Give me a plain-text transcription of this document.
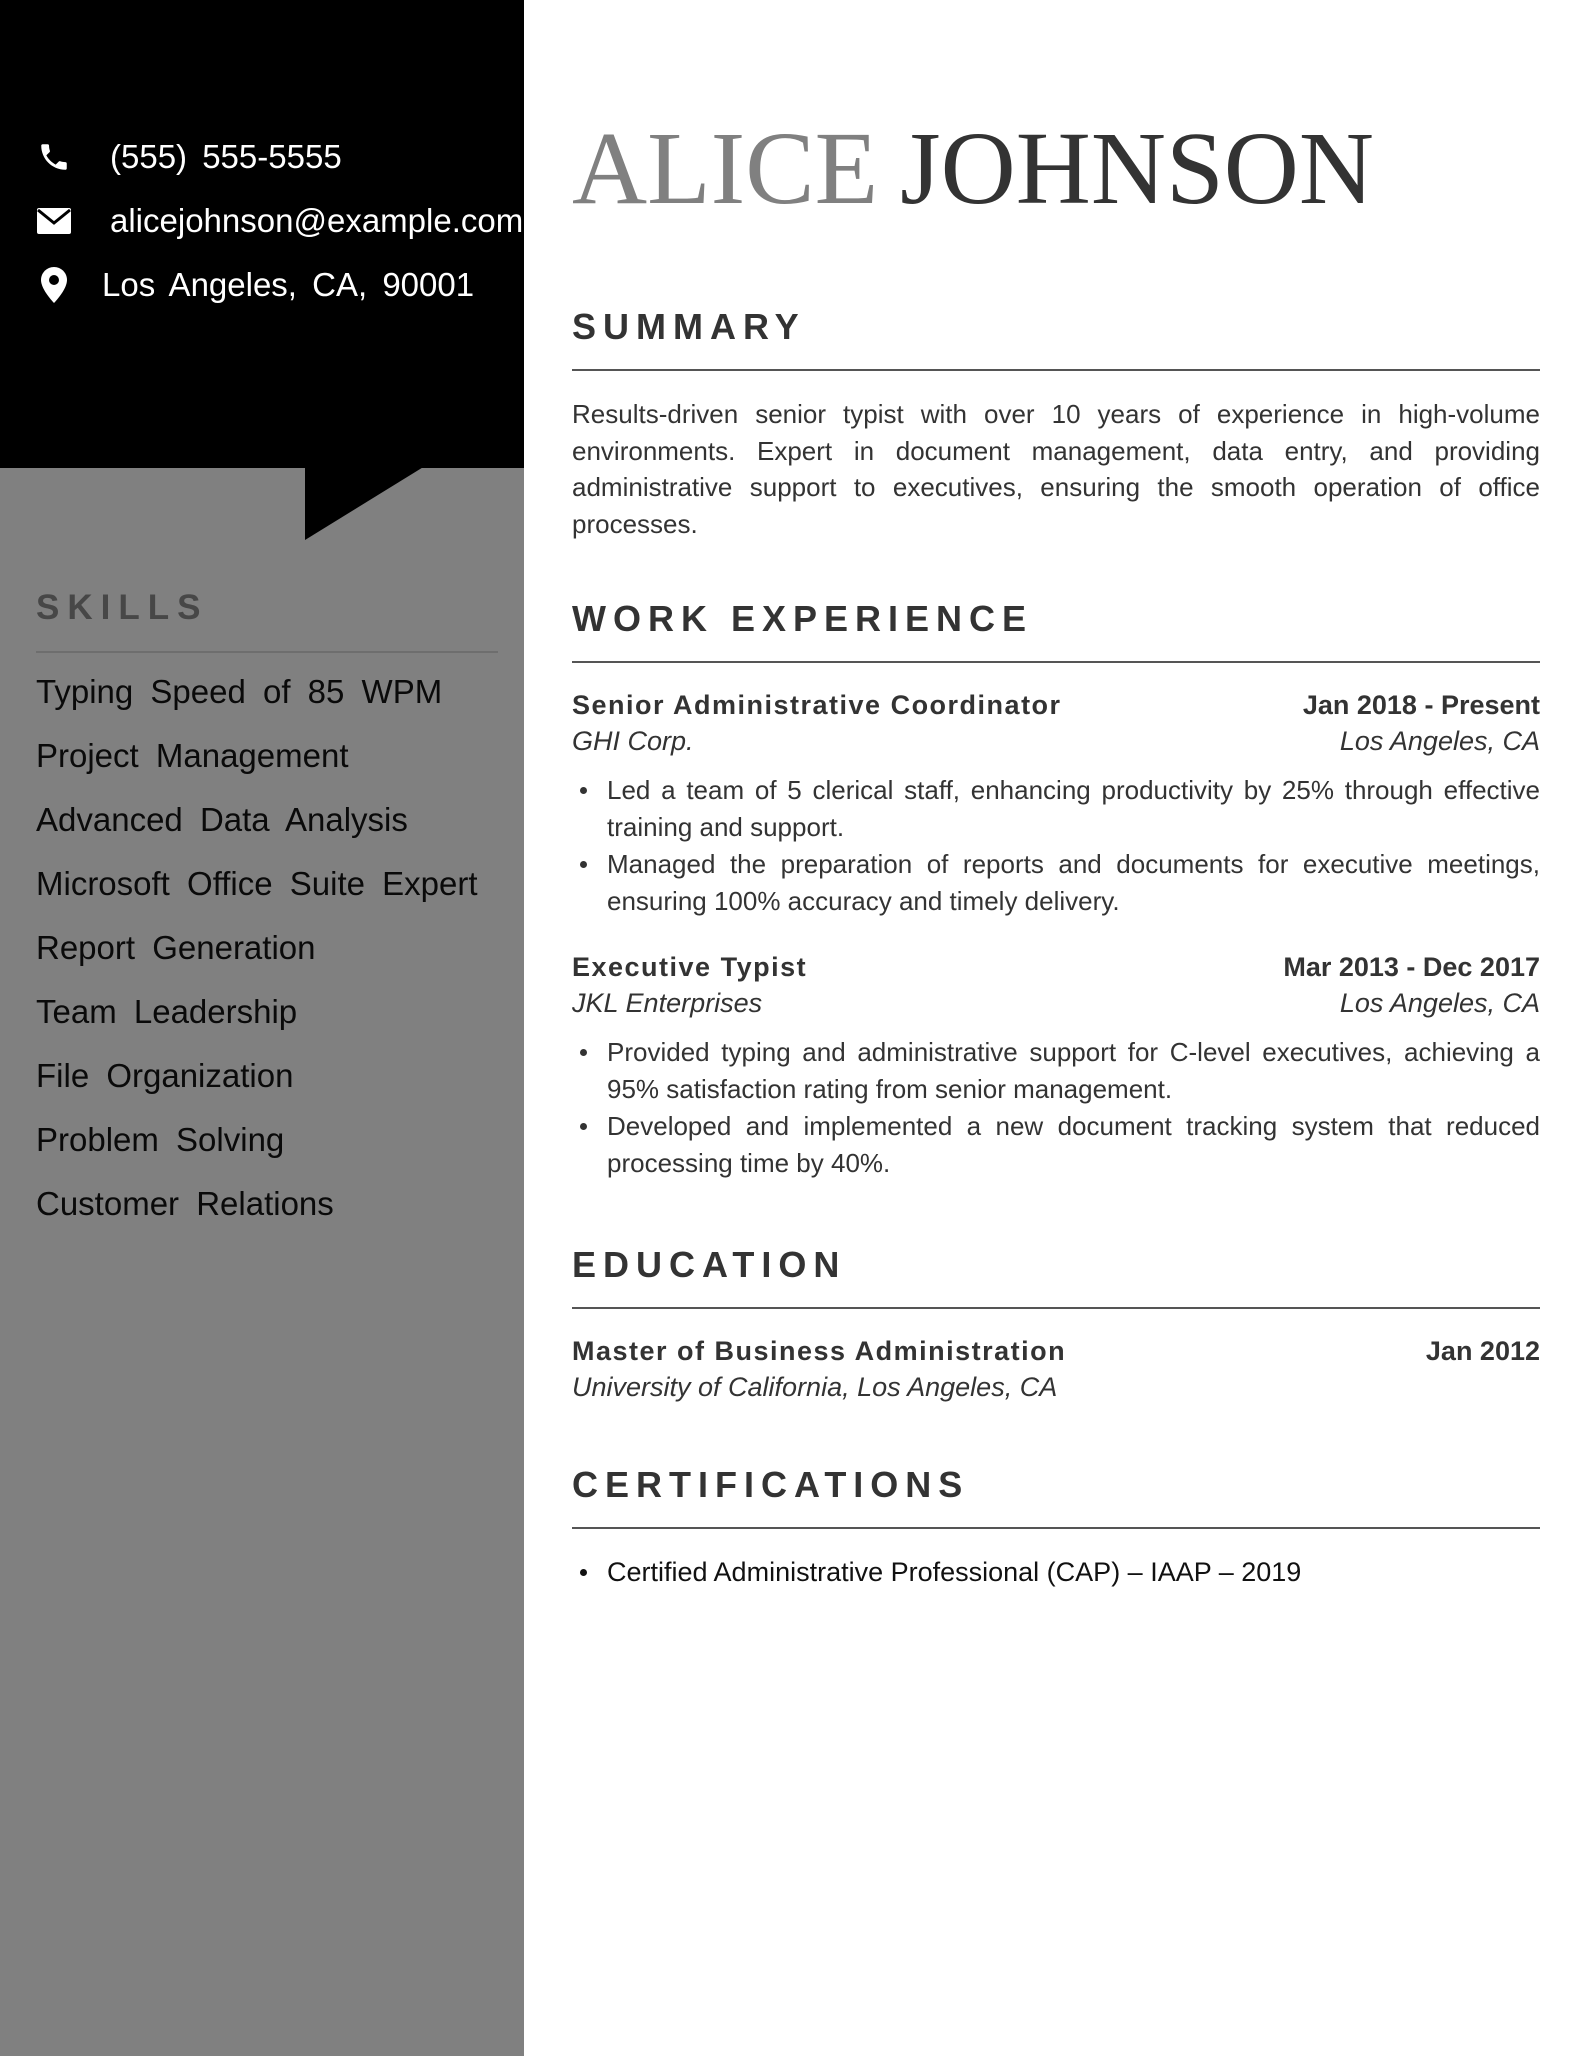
(555) 555-5555
alicejohnson@example.com
Los Angeles, CA, 90001
SKILLS
Typing Speed of 85 WPM
Project Management
Advanced Data Analysis
Microsoft Office Suite Expert
Report Generation
Team Leadership
File Organization
Problem Solving
Customer Relations
ALICE JOHNSON
SUMMARY

Results-driven senior typist with over 10 years of experience in high-volume environments. Expert in document management, data entry, and providing administrative support to executives, ensuring the smooth operation of office processes.

WORK EXPERIENCE
Senior Administrative Coordinator	Jan 2018 - Present
GHI Corp.	Los Angeles, CA
Led a team of 5 clerical staff, enhancing productivity by 25% through effective training and support.
Managed the preparation of reports and documents for executive meetings, ensuring 100% accuracy and timely delivery.
Executive Typist	Mar 2013 - Dec 2017
JKL Enterprises	Los Angeles, CA
Provided typing and administrative support for C-level executives, achieving a 95% satisfaction rating from senior management.
Developed and implemented a new document tracking system that reduced processing time by 40%.
EDUCATION
Master of Business Administration	Jan 2012
University of California, Los Angeles, CA
CERTIFICATIONS
Certified Administrative Professional (CAP) – IAAP – 2019
